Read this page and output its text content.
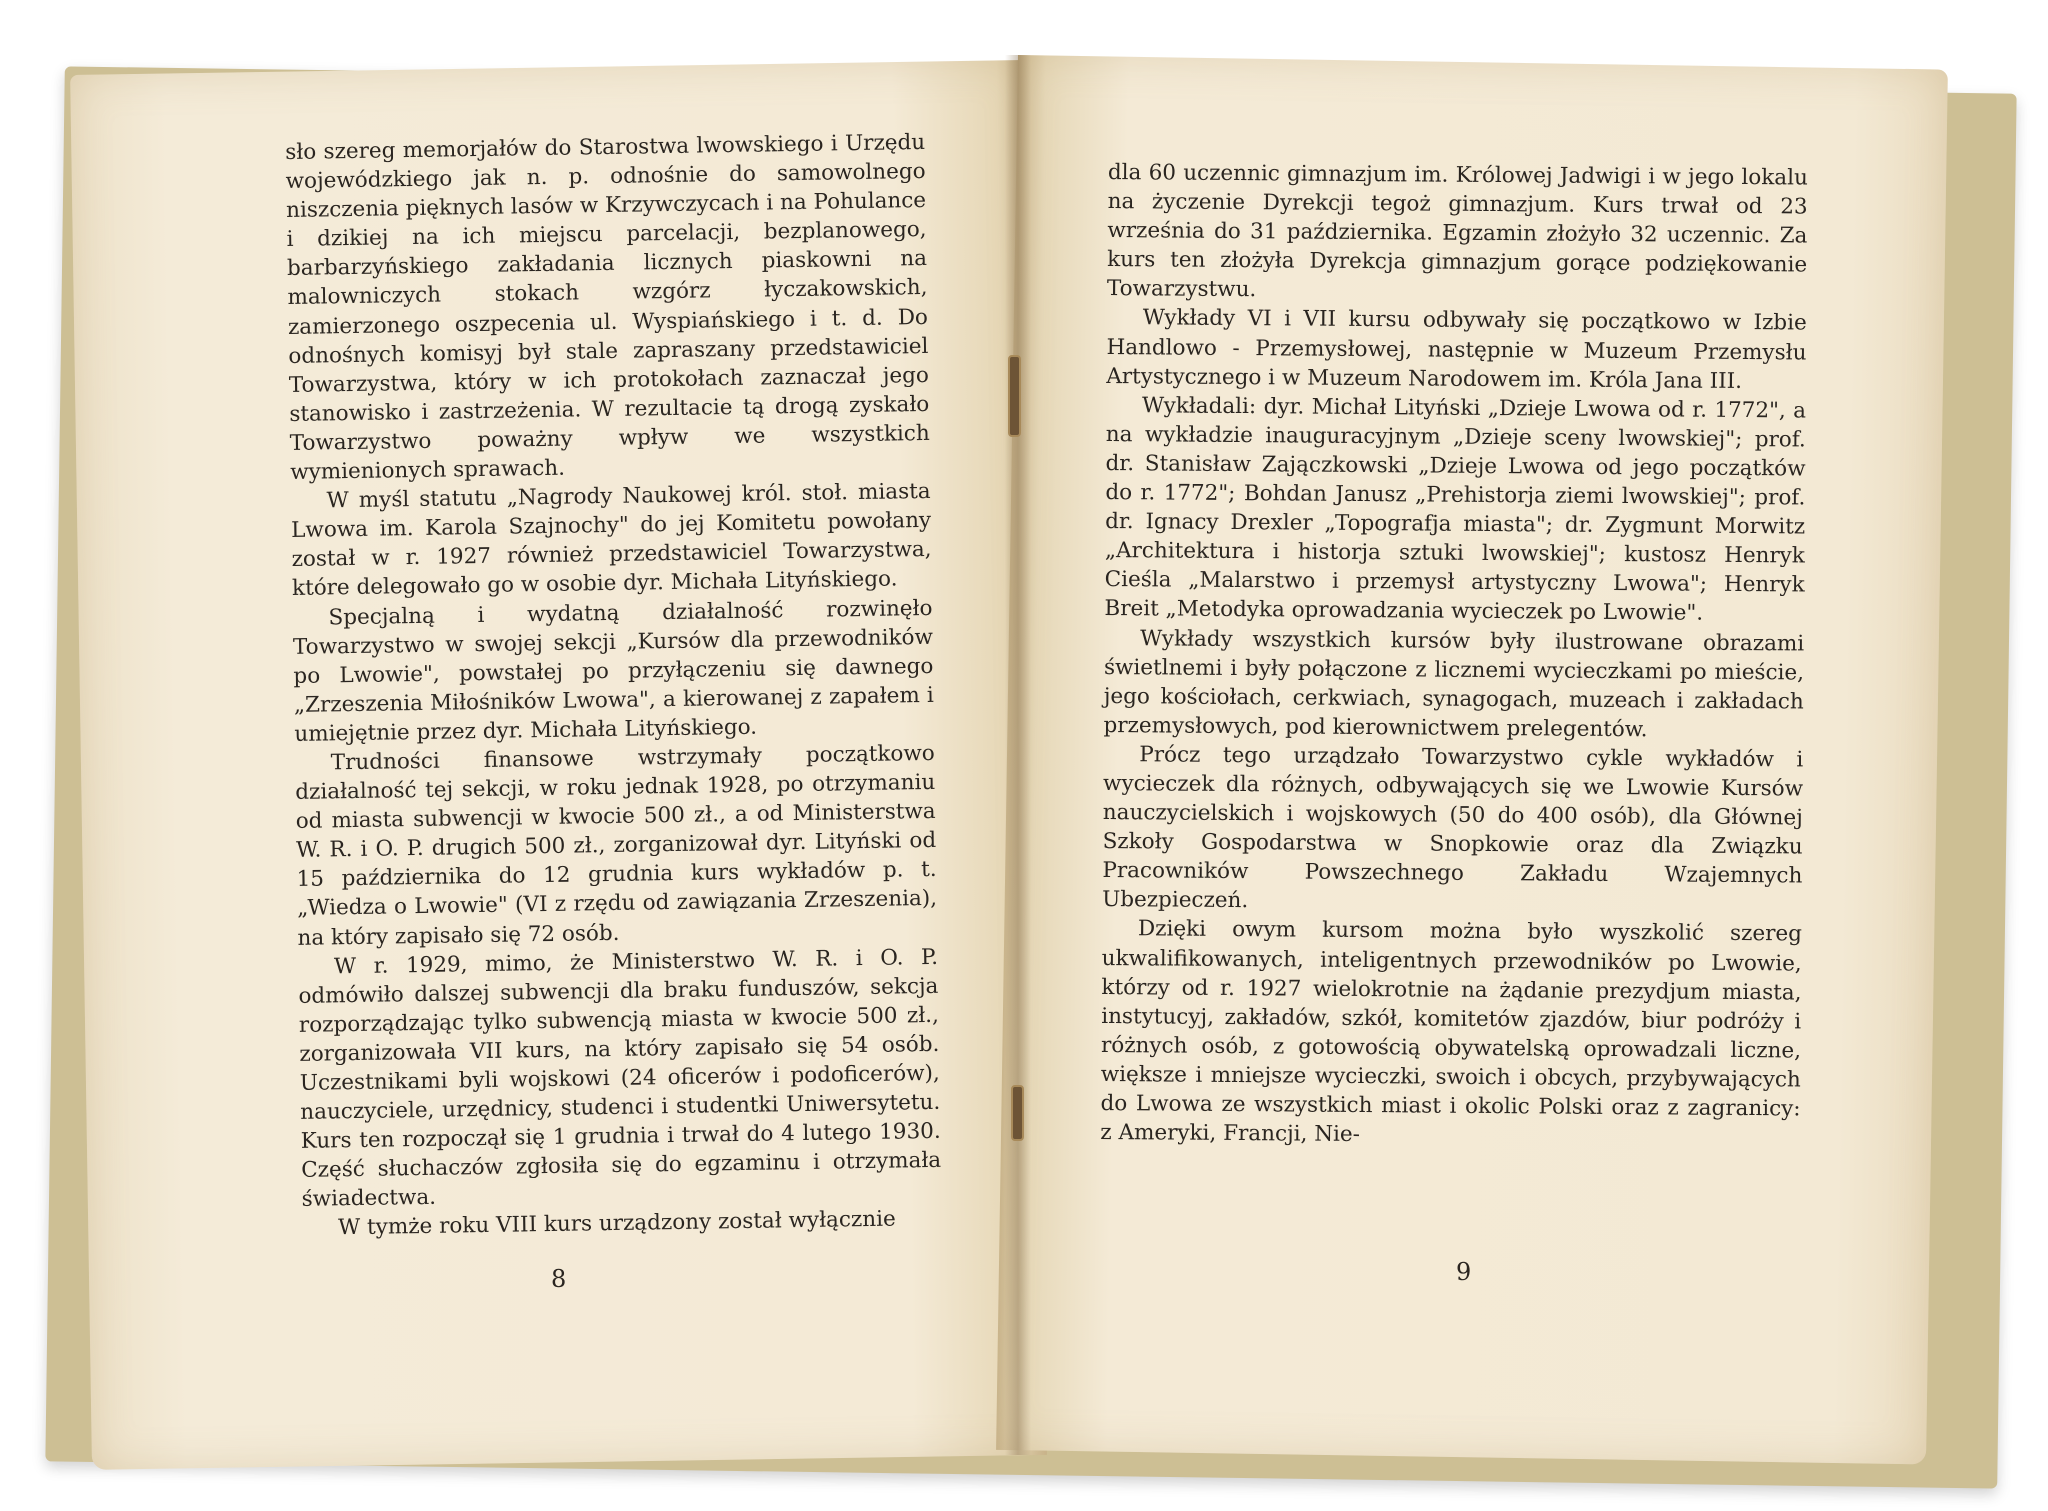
sło szereg memorjałów do Starostwa lwowskiego i Urzędu wojewódzkiego jak n. p. odnośnie do samowolnego niszczenia pięknych lasów w Krzywczycach i na Pohulance i dzikiej na ich miejscu parcelacji, bezplanowego, barbarzyńskiego zakładania licznych piaskowni na malowniczych stokach wzgórz łyczakowskich, zamierzonego oszpecenia ul. Wyspiańskiego i t. d. Do odnośnych komisyj był stale zapraszany przedstawiciel Towarzystwa, który w ich protokołach zaznaczał jego stanowisko i zastrzeżenia. W rezultacie tą drogą zyskało Towarzystwo poważny wpływ we wszystkich wymienionych sprawach.

W myśl statutu „Nagrody Naukowej król. stoł. miasta Lwowa im. Karola Szajnochy" do jej Komitetu powołany został w r. 1927 również przedstawiciel Towarzystwa, które delegowało go w osobie dyr. Michała Lityńskiego.

Specjalną i wydatną działalność rozwinęło Towarzystwo w swojej sekcji „Kursów dla przewodników po Lwowie", powstałej po przyłączeniu się dawnego „Zrzeszenia Miłośników Lwowa", a kierowanej z zapałem i umiejętnie przez dyr. Michała Lityńskiego.

Trudności finansowe wstrzymały początkowo działalność tej sekcji, w roku jednak 1928, po otrzymaniu od miasta subwencji w kwocie 500 zł., a od Ministerstwa W. R. i O. P. drugich 500 zł., zorganizował dyr. Lityński od 15 października do 12 grudnia kurs wykładów p. t. „Wiedza o Lwowie" (VI z rzędu od zawiązania Zrzeszenia), na który zapisało się 72 osób.

W r. 1929, mimo, że Ministerstwo W. R. i O. P. odmówiło dalszej subwencji dla braku funduszów, sekcja rozporządzając tylko subwencją miasta w kwocie 500 zł., zorganizowała VII kurs, na który zapisało się 54 osób. Uczestnikami byli wojskowi (24 oficerów i podoficerów), nauczyciele, urzędnicy, studenci i studentki Uniwersytetu. Kurs ten rozpoczął się 1 grudnia i trwał do 4 lutego 1930. Część słuchaczów zgłosiła się do egzaminu i otrzymała świadectwa.

W tymże roku VIII kurs urządzony został wyłącznie

8

dla 60 uczennic gimnazjum im. Królowej Jadwigi i w jego lokalu na życzenie Dyrekcji tegoż gimnazjum. Kurs trwał od 23 września do 31 października. Egzamin złożyło 32 uczennic. Za kurs ten złożyła Dyrekcja gimnazjum gorące podziękowanie Towarzystwu.

Wykłady VI i VII kursu odbywały się początkowo w Izbie Handlowo - Przemysłowej, następnie w Muzeum Przemysłu Artystycznego i w Muzeum Narodowem im. Króla Jana III.

Wykładali: dyr. Michał Lityński „Dzieje Lwowa od r. 1772", a na wykładzie inauguracyjnym „Dzieje sceny lwowskiej"; prof. dr. Stanisław Zajączkowski „Dzieje Lwowa od jego początków do r. 1772"; Bohdan Janusz „Prehistorja ziemi lwowskiej"; prof. dr. Ignacy Drexler „Topografja miasta"; dr. Zygmunt Morwitz „Architektura i historja sztuki lwowskiej"; kustosz Henryk Cieśla „Malarstwo i przemysł artystyczny Lwowa"; Henryk Breit „Metodyka oprowadzania wycieczek po Lwowie".

Wykłady wszystkich kursów były ilustrowane obrazami świetlnemi i były połączone z licznemi wycieczkami po mieście, jego kościołach, cerkwiach, synagogach, muzeach i zakładach przemysłowych, pod kierownictwem prelegentów.

Prócz tego urządzało Towarzystwo cykle wykładów i wycieczek dla różnych, odbywających się we Lwowie Kursów nauczycielskich i wojskowych (50 do 400 osób), dla Głównej Szkoły Gospodarstwa w Snopkowie oraz dla Związku Pracowników Powszechnego Zakładu Wzajemnych Ubezpieczeń.

Dzięki owym kursom można było wyszkolić szereg ukwalifikowanych, inteligentnych przewodników po Lwowie, którzy od r. 1927 wielokrotnie na żądanie prezydjum miasta, instytucyj, zakładów, szkół, komitetów zjazdów, biur podróży i różnych osób, z gotowością obywatelską oprowadzali liczne, większe i mniejsze wycieczki, swoich i obcych, przybywających do Lwowa ze wszystkich miast i okolic Polski oraz z zagranicy: z Ameryki, Francji, Nie-

9
